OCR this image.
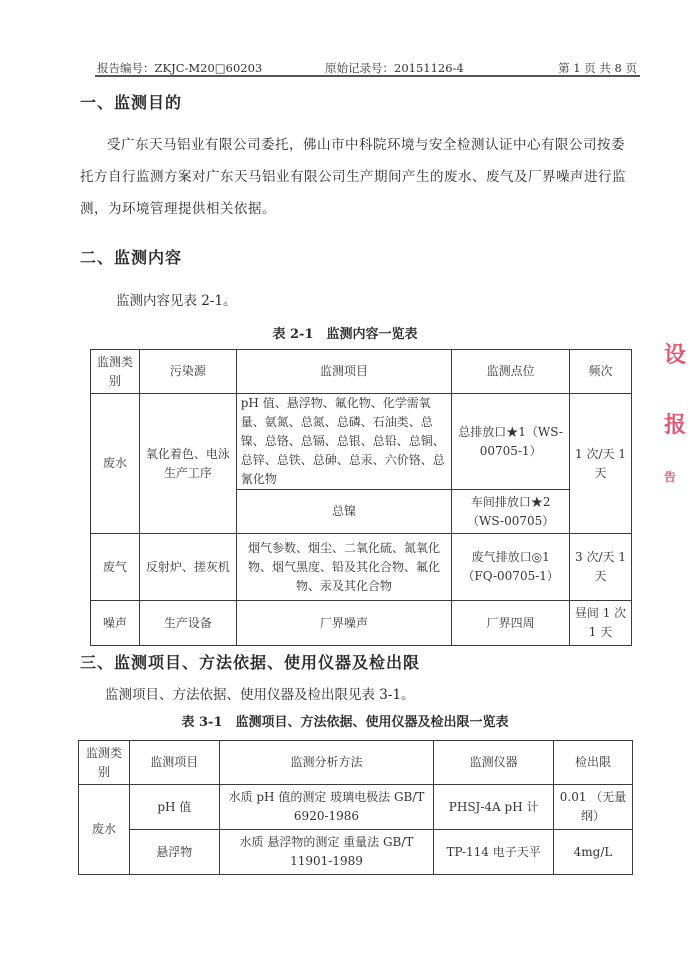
报告编号：ZKJC-M20□60203	原始记录号：20151126-4	第 1 页 共 8 页
一、监测目的
受广东天马铝业有限公司委托，佛山市中科院环境与安全检测认证中心有限公司按委托方自行监测方案对广东天马铝业有限公司生产期间产生的废水、废气及厂界噪声进行监测，为环境管理提供相关依据。
二、监测内容
监测内容见表 2-1。
表 2-1　监测内容一览表
监测类别	污染源	监测项目	监测点位	频次
废水	氧化着色、电泳生产工序	pH 值、悬浮物、氟化物、化学需氧量、氨氮、总氮、总磷、石油类、总镍、总铬、总镉、总银、总铅、总铜、总锌、总铁、总砷、总汞、六价铬、总氰化物	总排放口★1（WS-00705-1）	1 次/天 1 天
		总镍	车间排放口★2（WS-00705）	
废气	反射炉、搓灰机	烟气参数、烟尘、二氧化硫、氮氧化物、烟气黑度、铅及其化合物、氟化物、汞及其化合物	废气排放口◎1（FQ-00705-1）	3 次/天 1 天
噪声	生产设备	厂界噪声	厂界四周	昼间 1 次 1 天
三、监测项目、方法依据、使用仪器及检出限
监测项目、方法依据、使用仪器及检出限见表 3-1。
表 3-1　监测项目、方法依据、使用仪器及检出限一览表
监测类别	监测项目	监测分析方法	监测仪器	检出限
废水	pH 值	水质 pH 值的测定 玻璃电极法 GB/T 6920-1986	PHSJ-4A pH 计	0.01 （无量纲）
	悬浮物	水质 悬浮物的测定 重量法 GB/T 11901-1989	TP-114 电子天平	4mg/L
设
报
告
